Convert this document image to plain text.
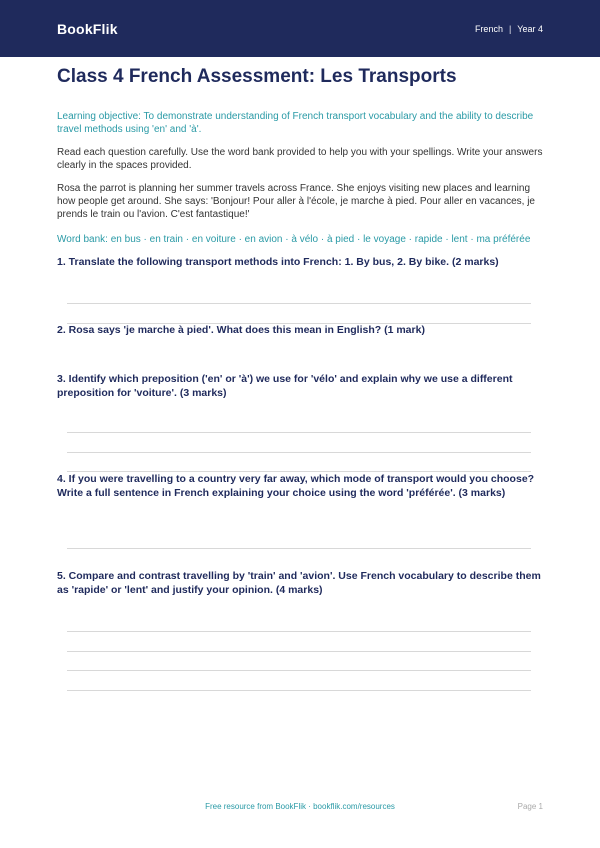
BookFlik	French | Year 4
Class 4 French Assessment: Les Transports

Learning objective: To demonstrate understanding of French transport vocabulary and the ability to describe travel methods using 'en' and 'à'.

Read each question carefully. Use the word bank provided to help you with your spellings. Write your answers clearly in the spaces provided.

Rosa the parrot is planning her summer travels across France. She enjoys visiting new places and learning how people get around. She says: 'Bonjour! Pour aller à l'école, je marche à pied. Pour aller en vacances, je prends le train ou l'avion. C'est fantastique!'

Word bank: en bus · en train · en voiture · en avion · à vélo · à pied · le voyage · rapide · lent · ma préférée

1. Translate the following transport methods into French: 1. By bus, 2. By bike. (2 marks)

2. Rosa says 'je marche à pied'. What does this mean in English? (1 mark)

3. Identify which preposition ('en' or 'à') we use for 'vélo' and explain why we use a different preposition for 'voiture'. (3 marks)

4. If you were travelling to a country very far away, which mode of transport would you choose? Write a full sentence in French explaining your choice using the word 'préférée'. (3 marks)

5. Compare and contrast travelling by 'train' and 'avion'. Use French vocabulary to describe them as 'rapide' or 'lent' and justify your opinion. (4 marks)

Free resource from BookFlik · bookflik.com/resources	Page 1
